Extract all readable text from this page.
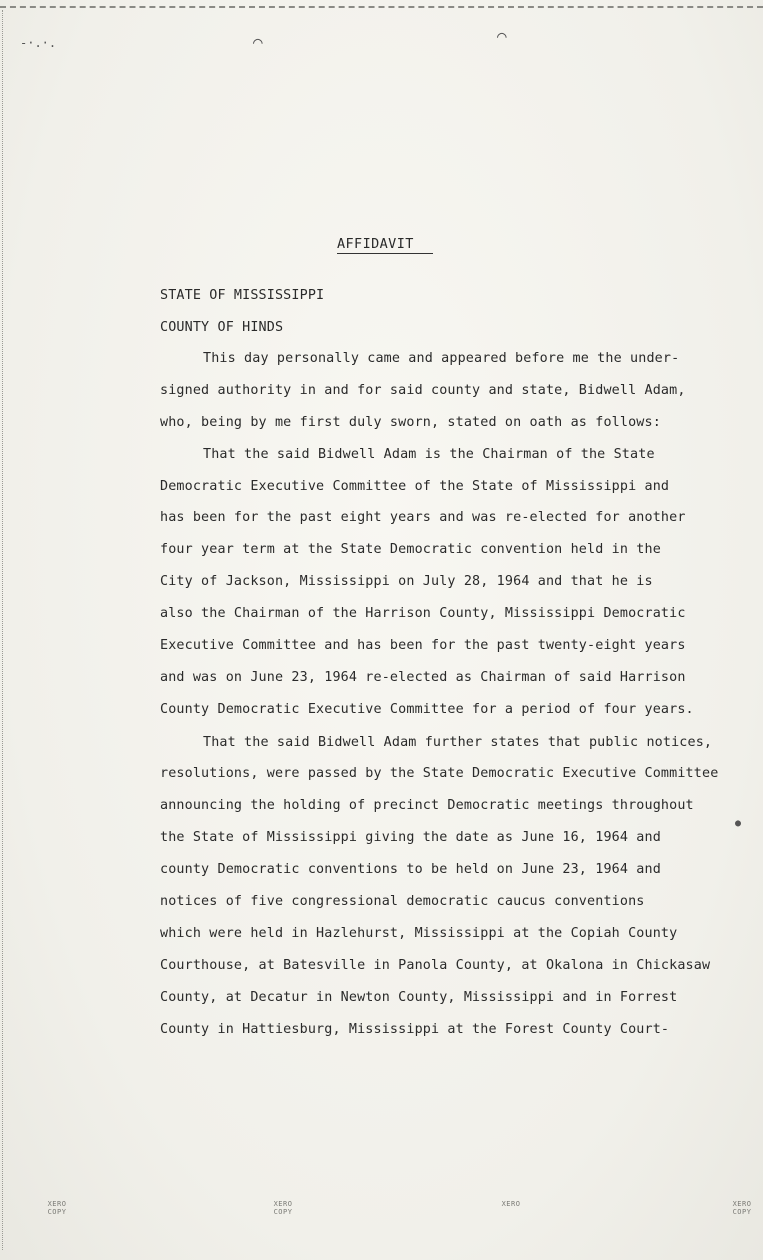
-·.·.	⌒	⌒
●
AFFIDAVIT
STATE OF MISSISSIPPI
COUNTY OF HINDS
This day personally came and appeared before me the under-
signed authority in and for said county and state, Bidwell Adam,
who, being by me first duly sworn, stated on oath as follows:
That the said Bidwell Adam is the Chairman of the State
Democratic Executive Committee of the State of Mississippi and
has been for the past eight years and was re-elected for another
four year term at the State Democratic convention held in the
City of Jackson, Mississippi on July 28, 1964 and that he is
also the Chairman of the Harrison County, Mississippi Democratic
Executive Committee and has been for the past twenty-eight years
and was on June 23, 1964 re-elected as Chairman of said Harrison
County Democratic Executive Committee for a period of four years.
That the said Bidwell Adam further states that public notices,
resolutions, were passed by the State Democratic Executive Committee
announcing the holding of precinct Democratic meetings throughout
the State of Mississippi giving the date as June 16, 1964 and
county Democratic conventions to be held on June 23, 1964 and
notices of five congressional democratic caucus conventions
which were held in Hazlehurst, Mississippi at the Copiah County
Courthouse, at Batesville in Panola County, at Okalona in Chickasaw
County, at Decatur in Newton County, Mississippi and in Forrest
County in Hattiesburg, Mississippi at the Forest County Court-
XERO COPY
XERO COPY
XERO	XERO COPY
